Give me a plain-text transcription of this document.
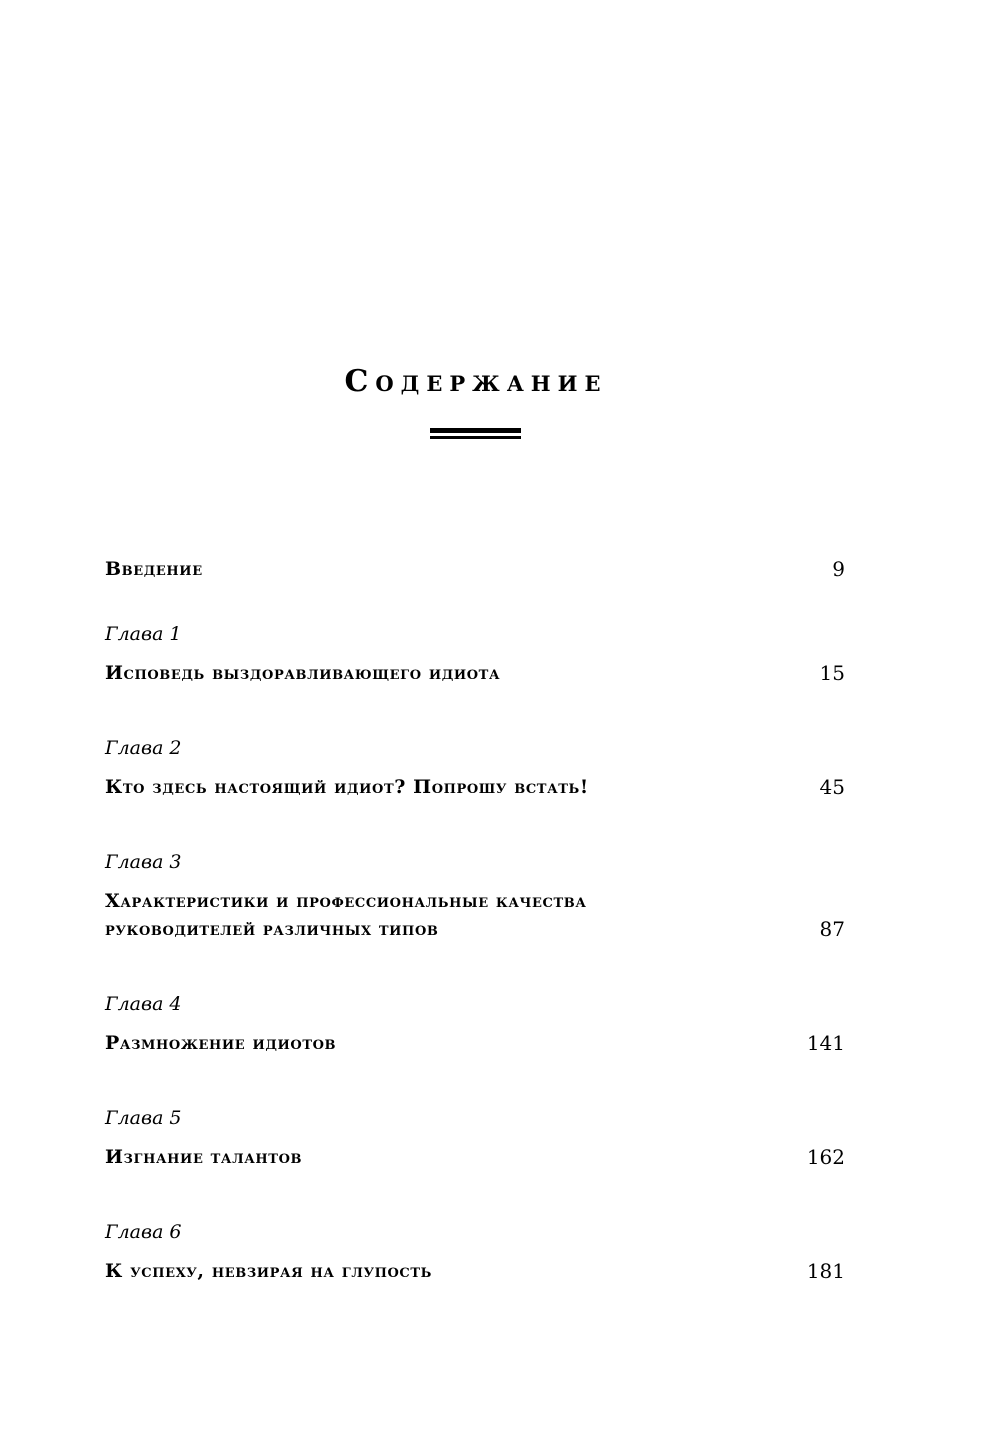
Содержание
Введение	9
Глава 1
Исповедь выздоравливающего идиота	15
Глава 2
Кто здесь настоящий идиот? Попрошу встать!	45
Глава 3
Характеристики и профессиональные качества
руководителей различных типов	87
Глава 4
Размножение идиотов	141
Глава 5
Изгнание талантов	162
Глава 6
К успеху, невзирая на глупость	181
